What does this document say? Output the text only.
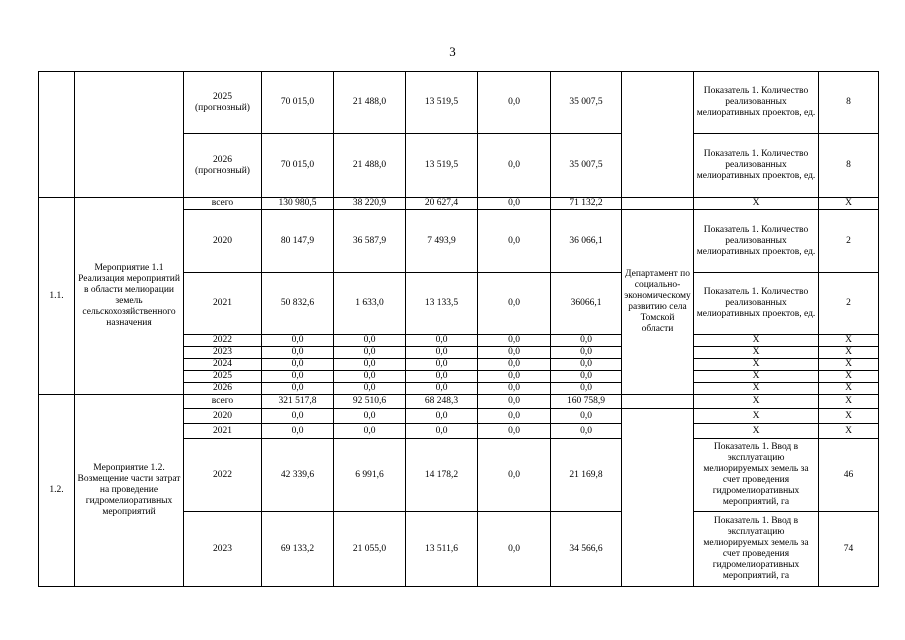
3
		2025 (прогнозный)	70 015,0	21 488,0	13 519,5	0,0	35 007,5		Показатель 1. Количество реализованных мелиоративных проектов, ед.	8
		2026 (прогнозный)	70 015,0	21 488,0	13 519,5	0,0	35 007,5		Показатель 1. Количество реализованных мелиоративных проектов, ед.	8
1.1.	Мероприятие 1.1 Реализация мероприятий в области мелиорации земель сельскохозяйственного назначения	всего	130 980,5	38 220,9	20 627,4	0,0	71 132,2		Х	Х
		2020	80 147,9	36 587,9	7 493,9	0,0	36 066,1	Департамент по социально-экономическому развитию села Томской области	Показатель 1. Количество реализованных мелиоративных проектов, ед.	2
		2021	50 832,6	1 633,0	13 133,5	0,0	36066,1		Показатель 1. Количество реализованных мелиоративных проектов, ед.	2
		2022	0,0	0,0	0,0	0,0	0,0		Х	Х
		2023	0,0	0,0	0,0	0,0	0,0		Х	Х
		2024	0,0	0,0	0,0	0,0	0,0		Х	Х
		2025	0,0	0,0	0,0	0,0	0,0		Х	Х
		2026	0,0	0,0	0,0	0,0	0,0		Х	Х
1.2.	Мероприятие 1.2. Возмещение части затрат на проведение гидромелиоративных мероприятий	всего	321 517,8	92 510,6	68 248,3	0,0	160 758,9		Х	Х
		2020	0,0	0,0	0,0	0,0	0,0		Х	Х
		2021	0,0	0,0	0,0	0,0	0,0		Х	Х
		2022	42 339,6	6 991,6	14 178,2	0,0	21 169,8		Показатель 1. Ввод в эксплуатацию мелиорируемых земель за счет проведения гидромелиоративных мероприятий, га	46
		2023	69 133,2	21 055,0	13 511,6	0,0	34 566,6		Показатель 1. Ввод в эксплуатацию мелиорируемых земель за счет проведения гидромелиоративных мероприятий, га	74
